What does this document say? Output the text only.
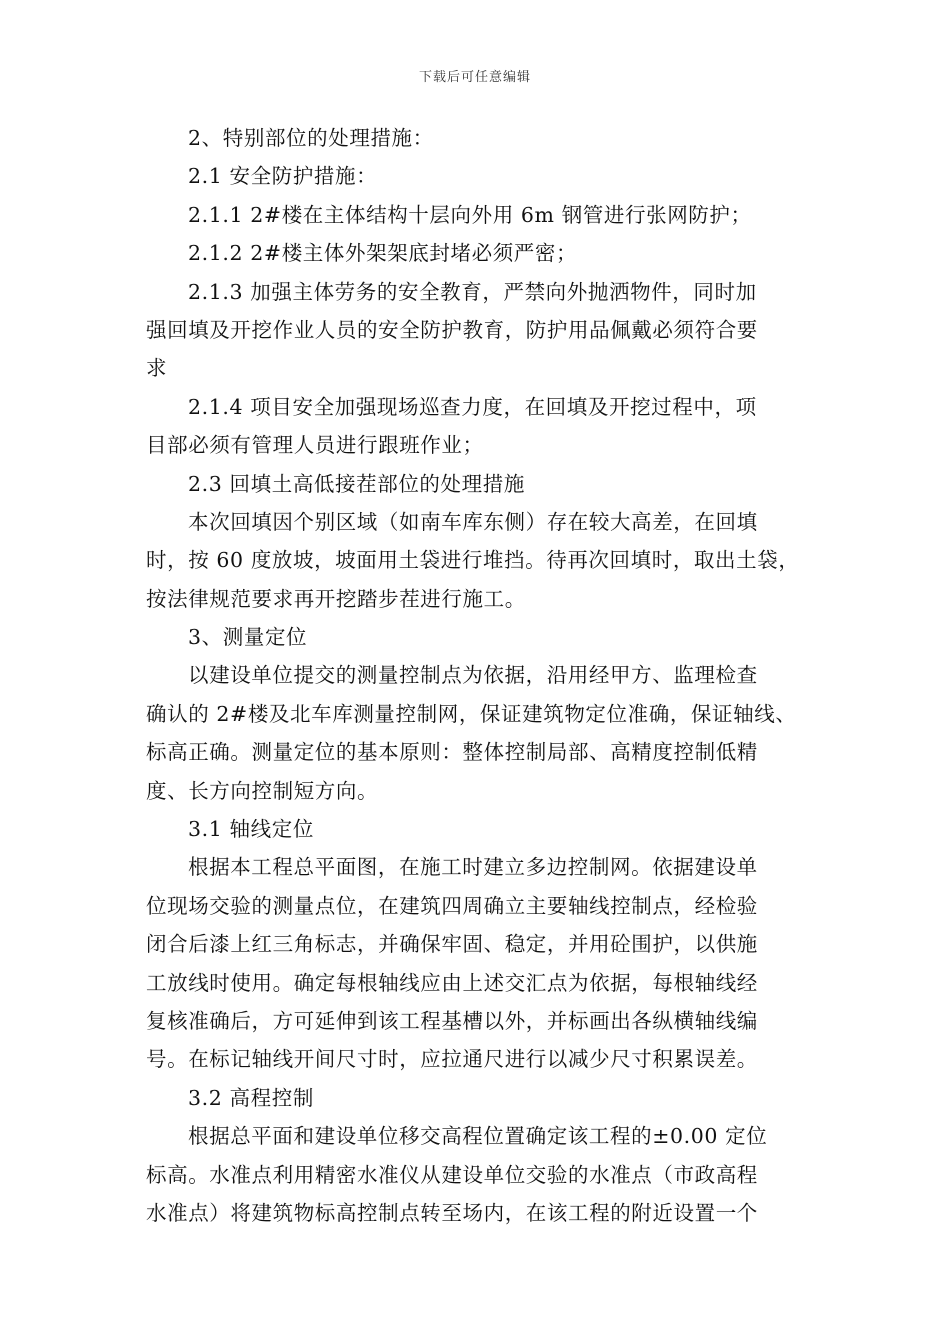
下载后可任意编辑
2、特别部位的处理措施：
2.1 安全防护措施：
2.1.1 2#楼在主体结构十层向外用 6m 钢管进行张网防护；
2.1.2 2#楼主体外架架底封堵必须严密；
2.1.3 加强主体劳务的安全教育，严禁向外抛洒物件，同时加
强回填及开挖作业人员的安全防护教育，防护用品佩戴必须符合要
求
2.1.4 项目安全加强现场巡查力度，在回填及开挖过程中，项
目部必须有管理人员进行跟班作业；
2.3 回填土高低接茬部位的处理措施
本次回填因个别区域（如南车库东侧）存在较大高差，在回填
时，按 60 度放坡，坡面用土袋进行堆挡。待再次回填时，取出土袋，
按法律规范要求再开挖踏步茬进行施工。
3、测量定位
以建设单位提交的测量控制点为依据，沿用经甲方、监理检查
确认的 2#楼及北车库测量控制网，保证建筑物定位准确，保证轴线、
标高正确。测量定位的基本原则：整体控制局部、高精度控制低精
度、长方向控制短方向。
3.1 轴线定位
根据本工程总平面图，在施工时建立多边控制网。依据建设单
位现场交验的测量点位，在建筑四周确立主要轴线控制点，经检验
闭合后漆上红三角标志，并确保牢固、稳定，并用砼围护，以供施
工放线时使用。确定每根轴线应由上述交汇点为依据，每根轴线经
复核准确后，方可延伸到该工程基槽以外，并标画出各纵横轴线编
号。在标记轴线开间尺寸时，应拉通尺进行以减少尺寸积累误差。
3.2 高程控制
根据总平面和建设单位移交高程位置确定该工程的±0.00 定位
标高。水准点利用精密水准仪从建设单位交验的水准点（市政高程
水准点）将建筑物标高控制点转至场内，在该工程的附近设置一个
